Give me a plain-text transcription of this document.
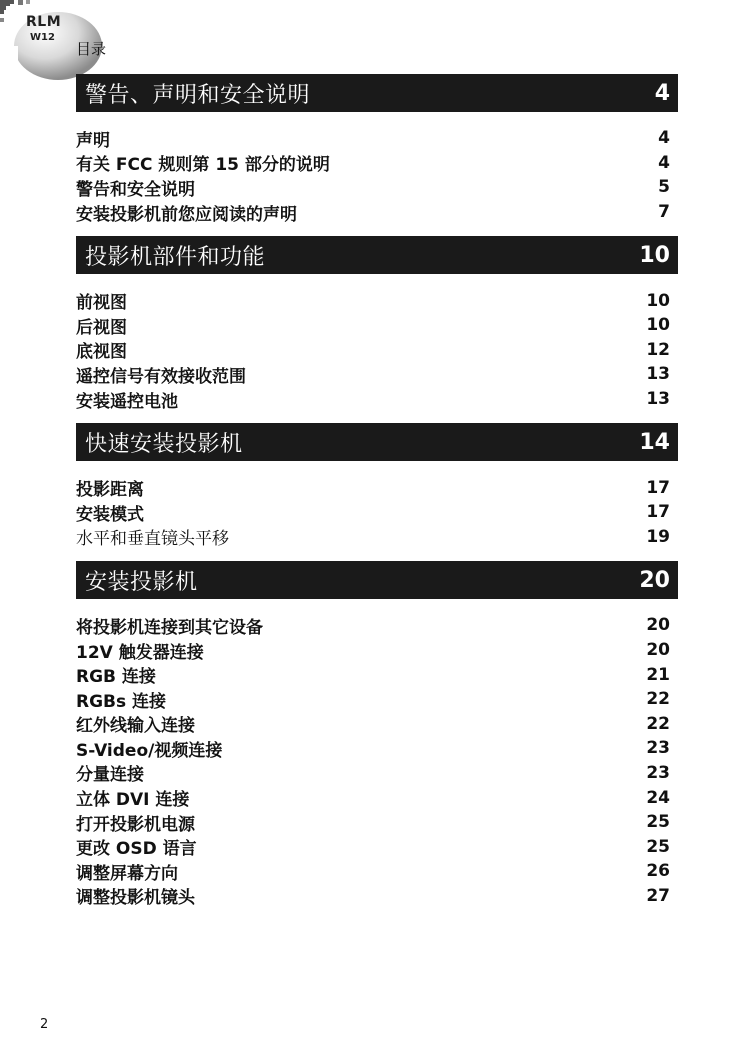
RLM
W12
目录
警告、声明和安全说明	4
声明	4
有关 FCC 规则第 15 部分的说明	4
警告和安全说明	5
安装投影机前您应阅读的声明	7
投影机部件和功能	10
前视图	10
后视图	10
底视图	12
遥控信号有效接收范围	13
安装遥控电池	13
快速安装投影机	14
投影距离	17
安装模式	17
水平和垂直镜头平移	19
安装投影机	20
将投影机连接到其它设备	20
12V 触发器连接	20
RGB 连接	21
RGBs 连接	22
红外线输入连接	22
S-Video/视频连接	23
分量连接	23
立体 DVI 连接	24
打开投影机电源	25
更改 OSD 语言	25
调整屏幕方向	26
调整投影机镜头	27
2
